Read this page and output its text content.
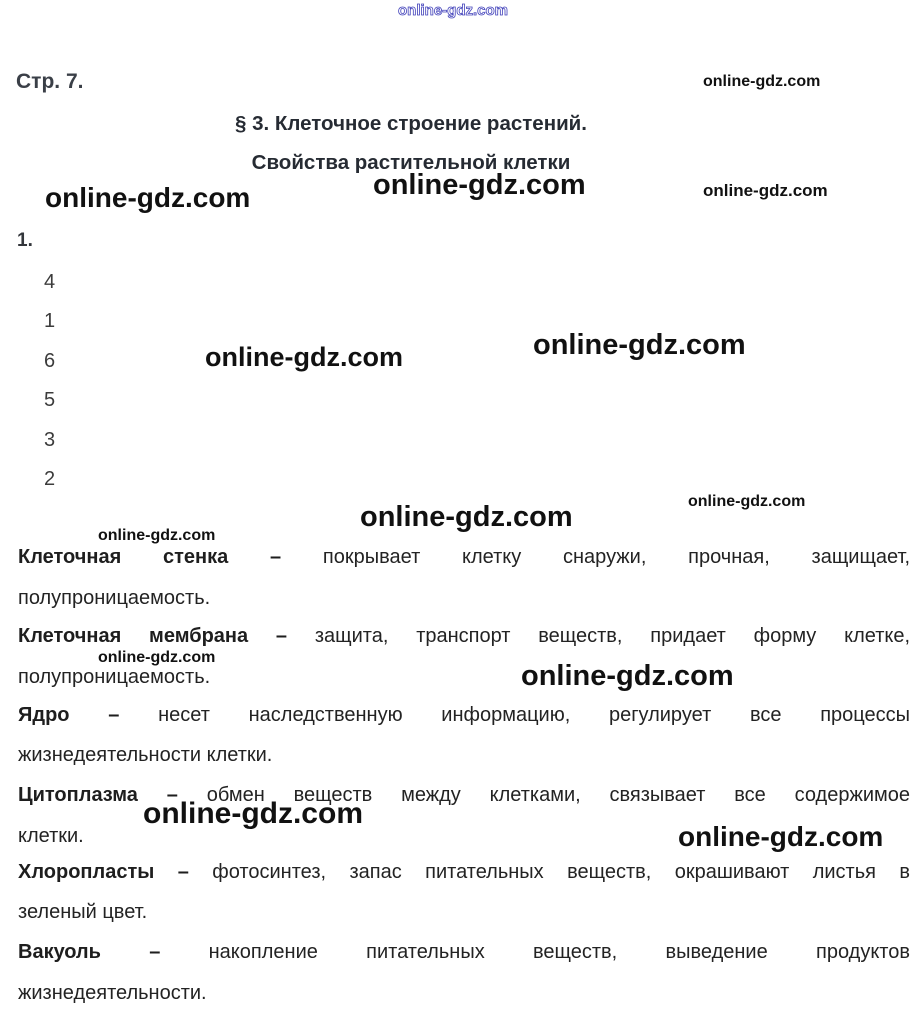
online-gdz.com
online-gdz.com
online-gdz.com	online-gdz.com	online-gdz.com
online-gdz.com	online-gdz.com
online-gdz.com
online-gdz.com
online-gdz.com
online-gdz.com
online-gdz.com
online-gdz.com
online-gdz.com
Стр. 7.
§ 3. Клеточное строение растений.
Свойства растительной клетки
1.
4
1
6
5
3
2

Клеточная стенка – покрывает клетку снаружи, прочная, защищает,

полупроницаемость.

Клеточная мембрана – защита, транспорт веществ, придает форму клетке,

полупроницаемость.

Ядро – несет наследственную информацию, регулирует все процессы

жизнедеятельности клетки.

Цитоплазма – обмен веществ между клетками, связывает все содержимое

клетки.

Хлоропласты – фотосинтез, запас питательных веществ, окрашивают листья в

зеленый цвет.

Вакуоль – накопление питательных веществ, выведение продуктов

жизнедеятельности.
